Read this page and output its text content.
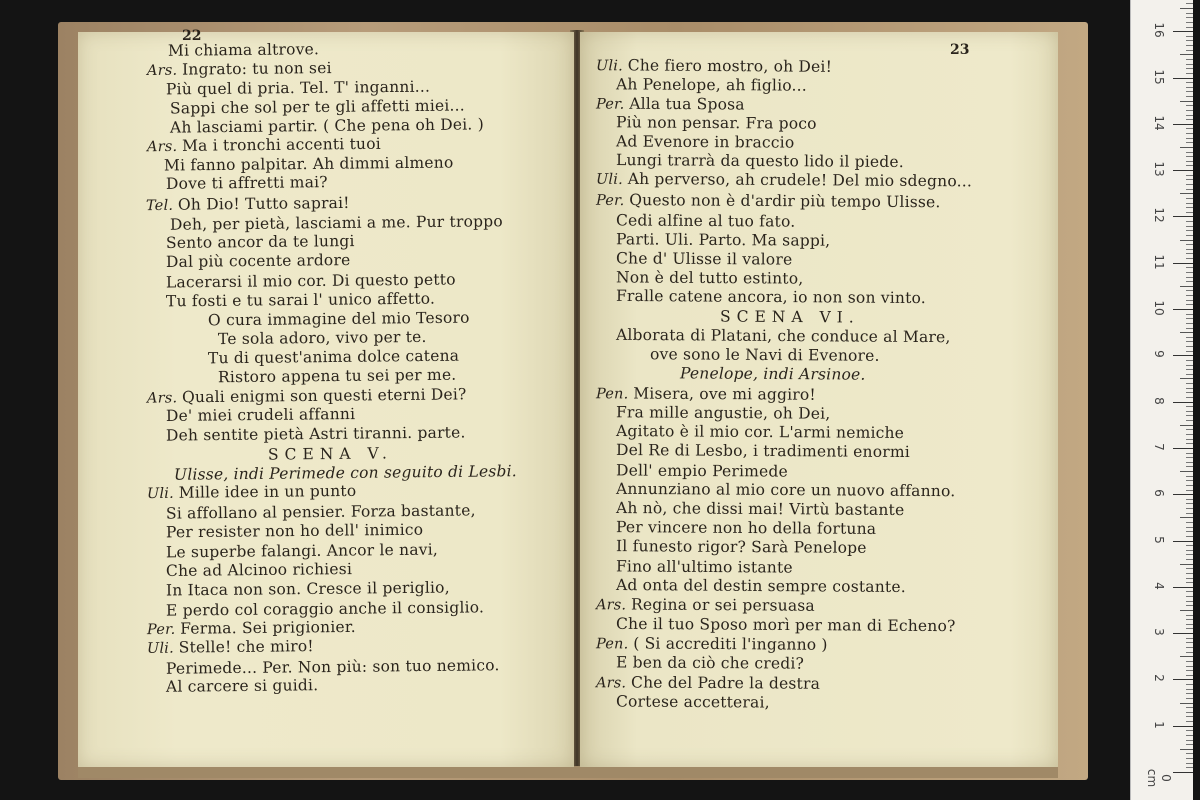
22
Mi chiama altrove.
Ars. Ingrato: tu non sei
Più quel di pria. Tel. T' inganni...
Sappi che sol per te gli affetti miei...
Ah lasciami partir. ( Che pena oh Dei. )
Ars. Ma i tronchi accenti tuoi
Mi fanno palpitar. Ah dimmi almeno
Dove ti affretti mai?
Tel. Oh Dio! Tutto saprai!
Deh, per pietà, lasciami a me. Pur troppo
Sento ancor da te lungi
Dal più cocente ardore
Lacerarsi il mio cor. Di questo petto
Tu fosti e tu sarai l' unico affetto.
O cura immagine del mio Tesoro
Te sola adoro, vivo per te.
Tu di quest'anima dolce catena
Ristoro appena tu sei per me.
Ars. Quali enigmi son questi eterni Dei?
De' miei crudeli affanni
Deh sentite pietà Astri tiranni. parte.
SCENA V.
Ulisse, indi Perimede con seguito di Lesbi.
Uli. Mille idee in un punto
Si affollano al pensier. Forza bastante,
Per resister non ho dell' inimico
Le superbe falangi. Ancor le navi,
Che ad Alcinoo richiesi
In Itaca non son. Cresce il periglio,
E perdo col coraggio anche il consiglio.
Per. Ferma. Sei prigionier.
Uli. Stelle! che miro!
Perimede... Per. Non più: son tuo nemico.
Al carcere si guidi.
23
Uli. Che fiero mostro, oh Dei!
Ah Penelope, ah figlio...
Per. Alla tua Sposa
Più non pensar. Fra poco
Ad Evenore in braccio
Lungi trarrà da questo lido il piede.
Uli. Ah perverso, ah crudele! Del mio sdegno...
Per. Questo non è d'ardir più tempo Ulisse.
Cedi alfine al tuo fato.
Parti. Uli. Parto. Ma sappi,
Che d' Ulisse il valore
Non è del tutto estinto,
Fralle catene ancora, io non son vinto.
SCENA VI.
Alborata di Platani, che conduce al Mare,
ove sono le Navi di Evenore.
Penelope, indi Arsinoe.
Pen. Misera, ove mi aggiro!
Fra mille angustie, oh Dei,
Agitato è il mio cor. L'armi nemiche
Del Re di Lesbo, i tradimenti enormi
Dell' empio Perimede
Annunziano al mio core un nuovo affanno.
Ah nò, che dissi mai! Virtù bastante
Per vincere non ho della fortuna
Il funesto rigor? Sarà Penelope
Fino all'ultimo istante
Ad onta del destin sempre costante.
Ars. Regina or sei persuasa
Che il tuo Sposo morì per man di Echeno?
Pen. ( Si accrediti l'inganno )
E ben da ciò che credi?
Ars. Che del Padre la destra
Cortese accetterai,
16
15
14
13
12
11
10
9
8
7
6
5
4
3
2
1
0 cm
